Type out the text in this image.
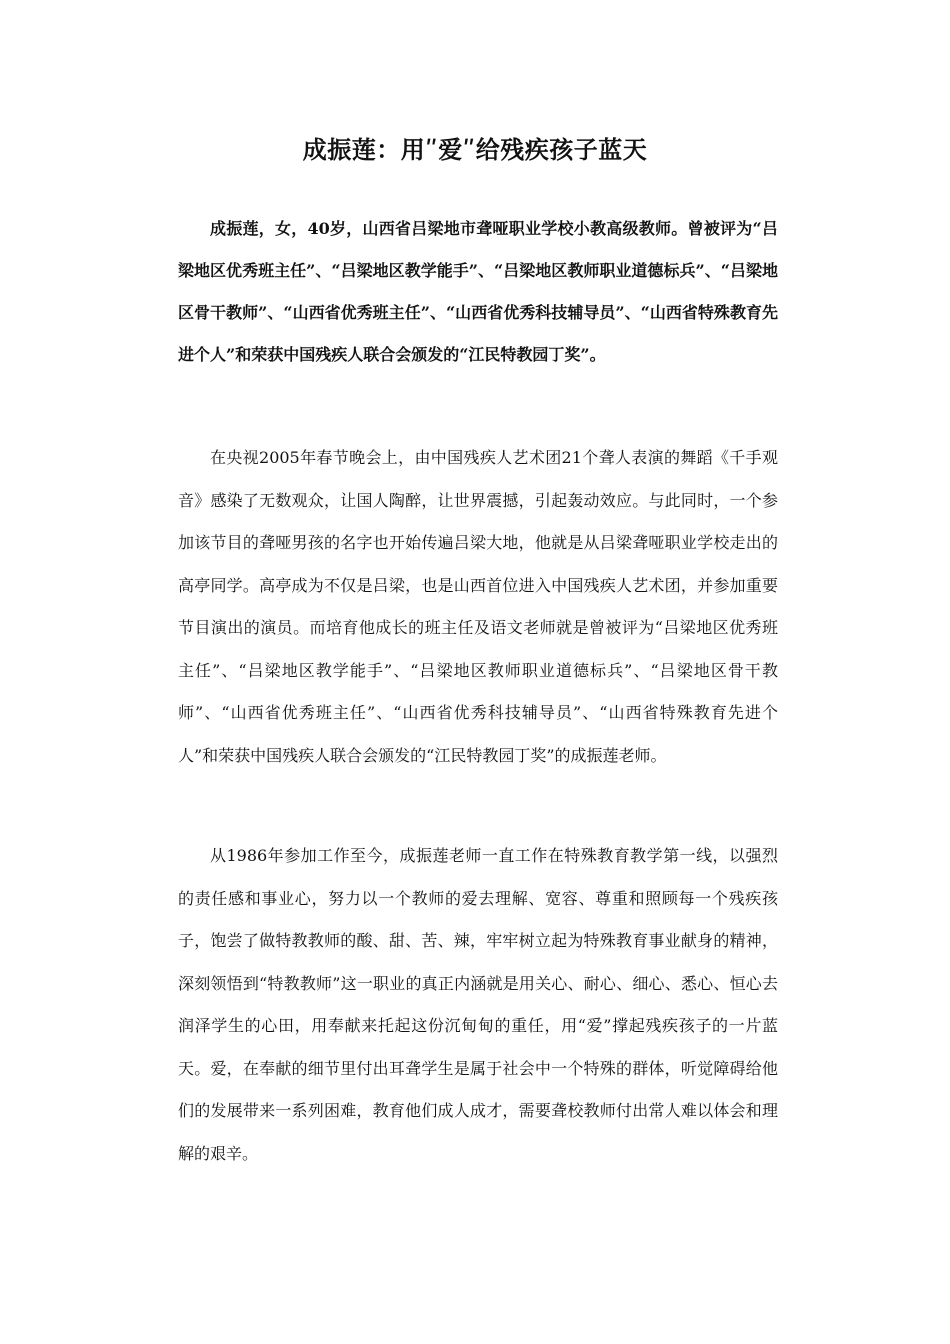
成振莲：用ʺ爱ʺ给残疾孩子蓝天

成振莲，女，40岁，山西省吕梁地市聋哑职业学校小教高级教师。曾被评为“吕梁地区优秀班主任”、“吕梁地区教学能手”、“吕梁地区教师职业道德标兵”、“吕梁地区骨干教师”、“山西省优秀班主任”、“山西省优秀科技辅导员”、“山西省特殊教育先进个人”和荣获中国残疾人联合会颁发的“江民特教园丁奖”。

在央视2005年春节晚会上，由中国残疾人艺术团21个聋人表演的舞蹈《千手观音》感染了无数观众，让国人陶醉，让世界震撼，引起轰动效应。与此同时，一个参加该节目的聋哑男孩的名字也开始传遍吕梁大地，他就是从吕梁聋哑职业学校走出的高亭同学。高亭成为不仅是吕梁，也是山西首位进入中国残疾人艺术团，并参加重要节目演出的演员。而培育他成长的班主任及语文老师就是曾被评为“吕梁地区优秀班主任”、“吕梁地区教学能手”、“吕梁地区教师职业道德标兵”、“吕梁地区骨干教师”、“山西省优秀班主任”、“山西省优秀科技辅导员”、“山西省特殊教育先进个人”和荣获中国残疾人联合会颁发的“江民特教园丁奖”的成振莲老师。

从1986年参加工作至今，成振莲老师一直工作在特殊教育教学第一线，以强烈的责任感和事业心，努力以一个教师的爱去理解、宽容、尊重和照顾每一个残疾孩子，饱尝了做特教教师的酸、甜、苦、辣，牢牢树立起为特殊教育事业献身的精神，深刻领悟到“特教教师”这一职业的真正内涵就是用关心、耐心、细心、悉心、恒心去润泽学生的心田，用奉献来托起这份沉甸甸的重任，用“爱”撑起残疾孩子的一片蓝天。爱，在奉献的细节里付出耳聋学生是属于社会中一个特殊的群体，听觉障碍给他们的发展带来一系列困难，教育他们成人成才，需要聋校教师付出常人难以体会和理解的艰辛。
